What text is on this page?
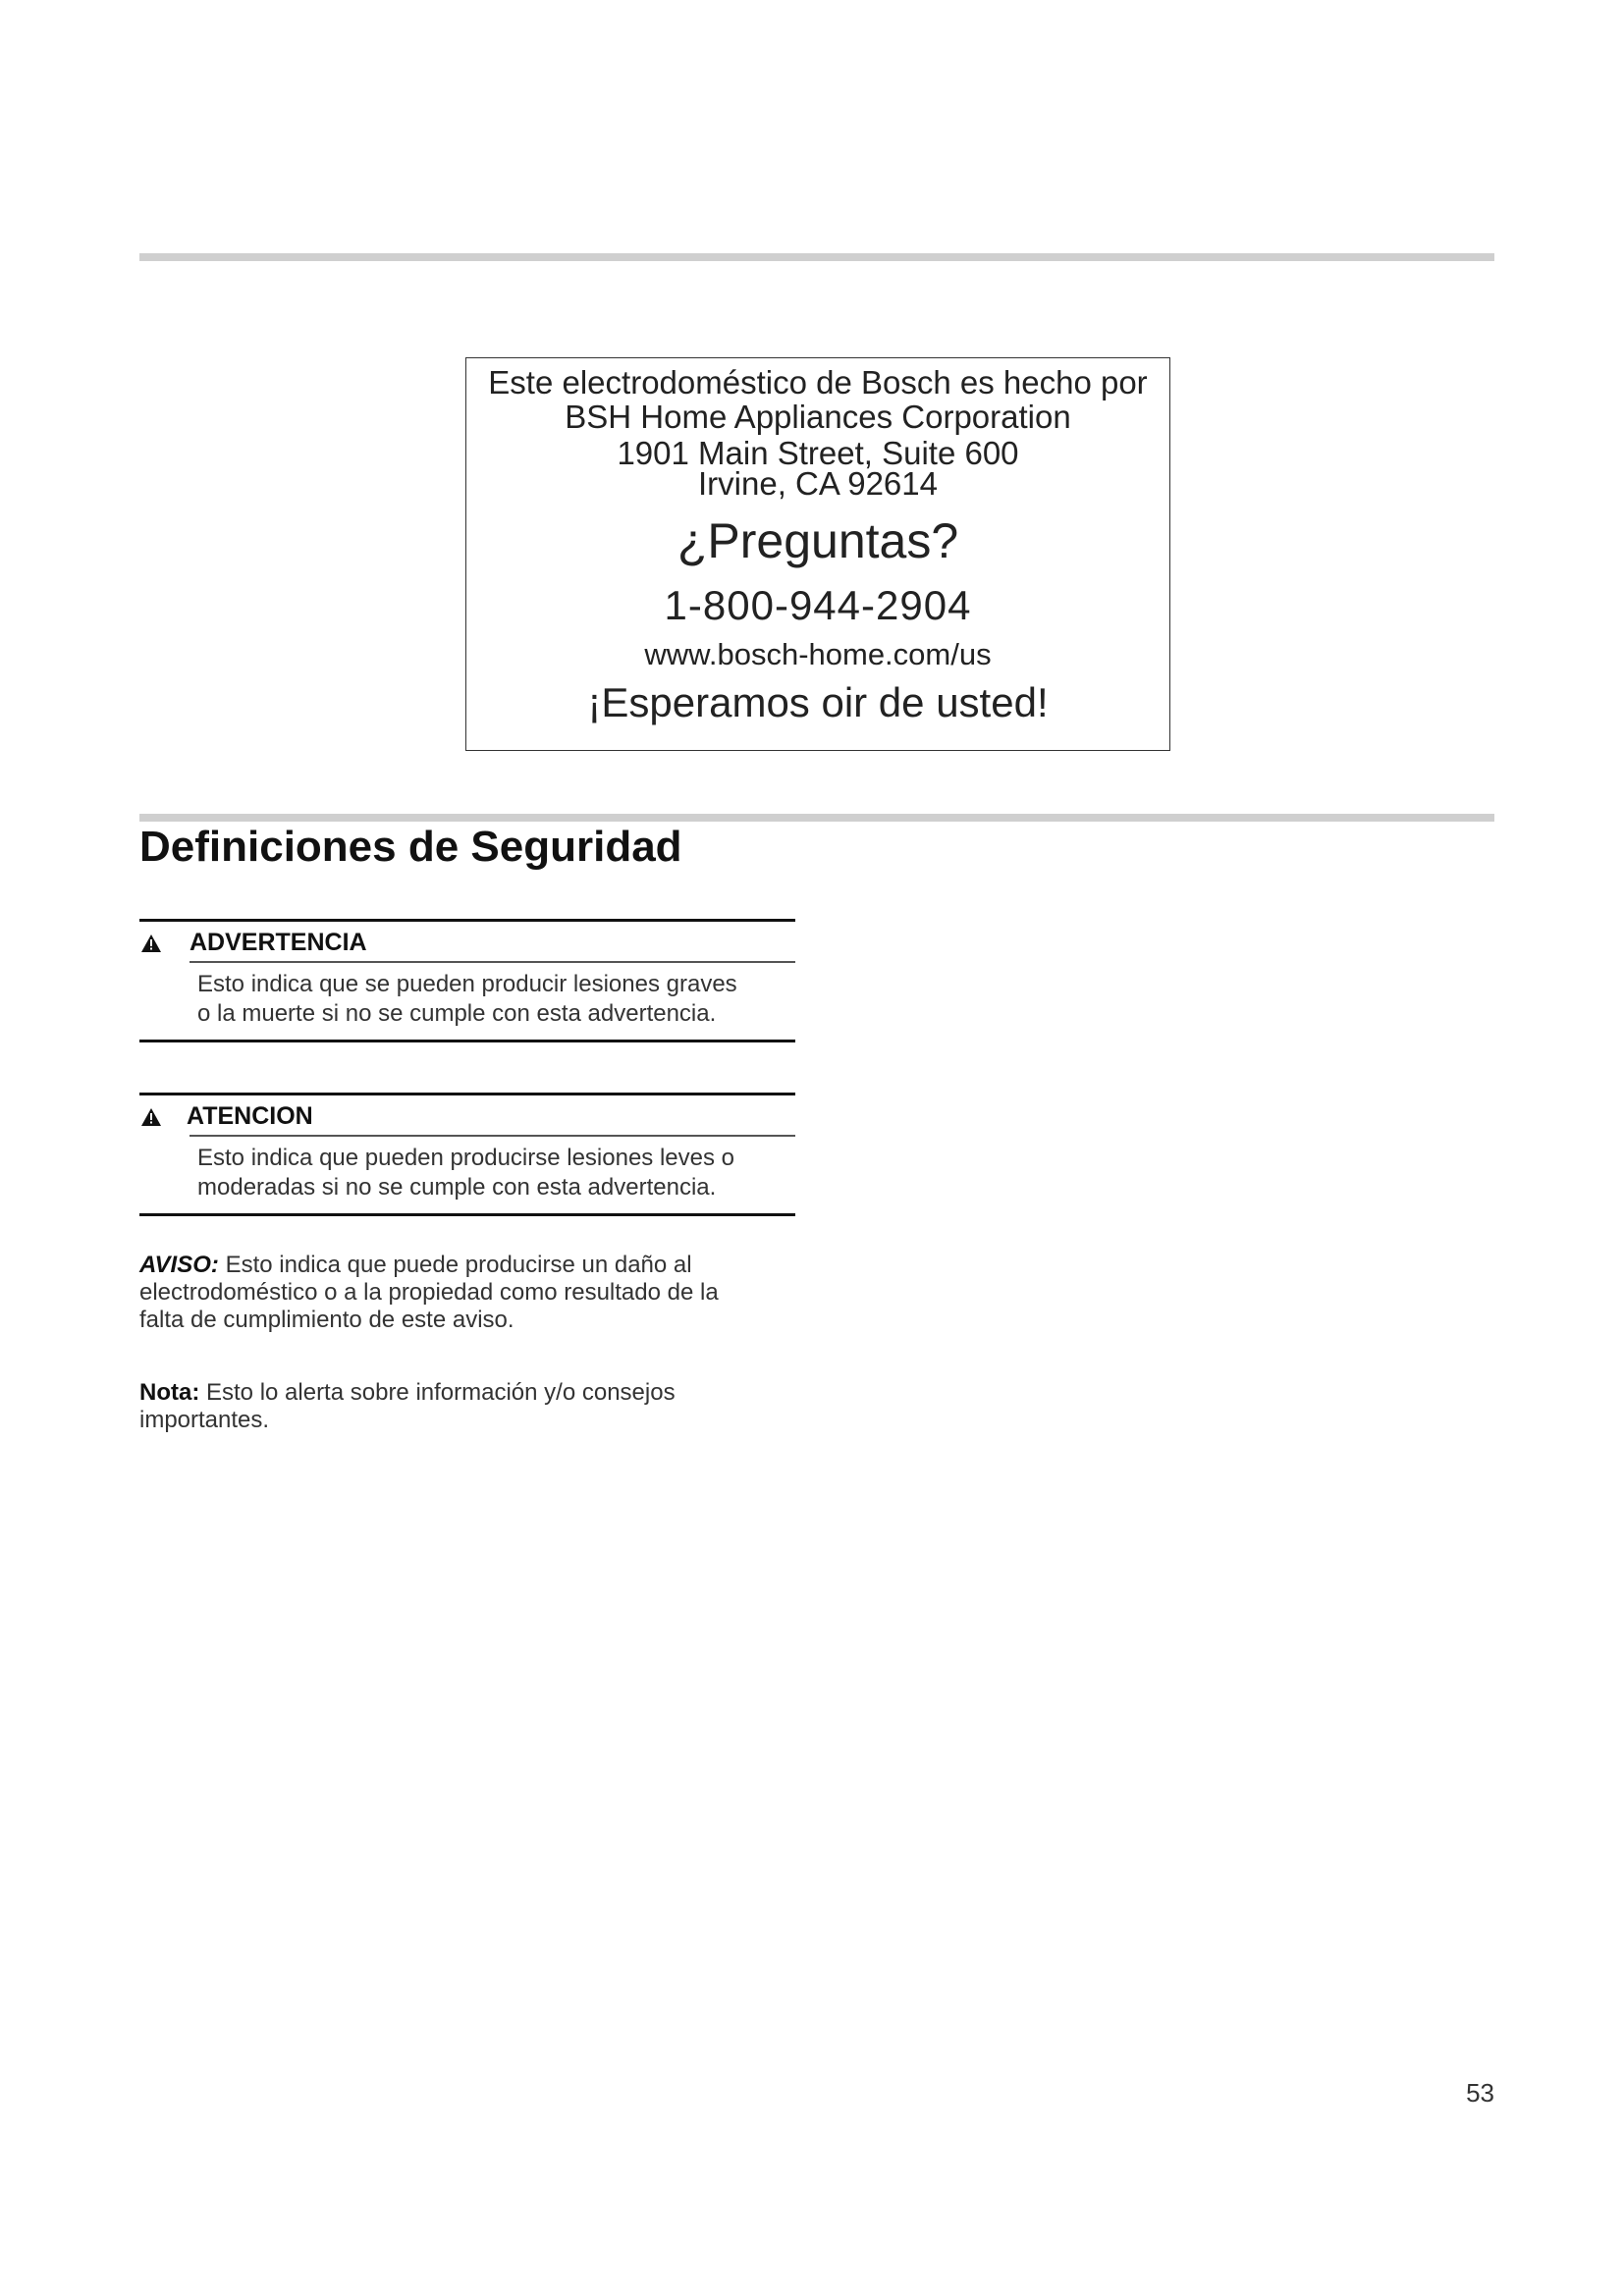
Este electrodoméstico de Bosch es hecho por
BSH Home Appliances Corporation
1901 Main Street, Suite 600
Irvine, CA 92614
¿Preguntas?
1-800-944-2904
www.bosch-home.com/us
¡Esperamos oir de usted!
Definiciones de Seguridad
ADVERTENCIA
Esto indica que se pueden producir lesiones graves
o la muerte si no se cumple con esta advertencia.
ATENCION
Esto indica que pueden producirse lesiones leves o
moderadas si no se cumple con esta advertencia.
AVISO: Esto indica que puede producirse un daño al
electrodoméstico o a la propiedad como resultado de la
falta de cumplimiento de este aviso.
Nota: Esto lo alerta sobre información y/o consejos
importantes.
53
